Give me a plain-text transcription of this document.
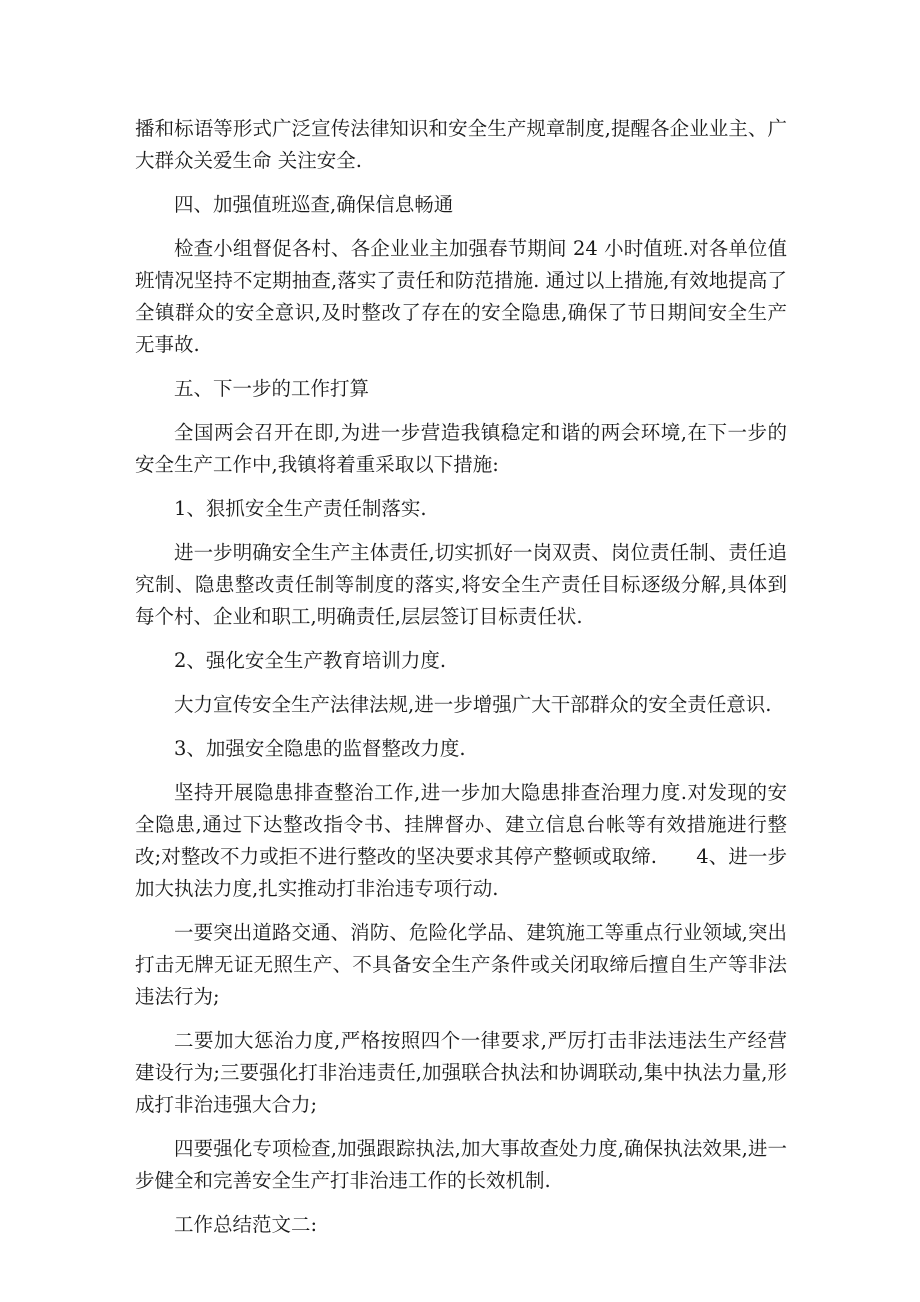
播和标语等形式广泛宣传法律知识和安全生产规章制度,提醒各企业业主、广大群众关爱生命 关注安全.

四、加强值班巡查,确保信息畅通

检查小组督促各村、各企业业主加强春节期间 24 小时值班.对各单位值班情况坚持不定期抽查,落实了责任和防范措施. 通过以上措施,有效地提高了全镇群众的安全意识,及时整改了存在的安全隐患,确保了节日期间安全生产无事故.

五、下一步的工作打算

全国两会召开在即,为进一步营造我镇稳定和谐的两会环境,在下一步的安全生产工作中,我镇将着重采取以下措施:

1、狠抓安全生产责任制落实.

进一步明确安全生产主体责任,切实抓好一岗双责、岗位责任制、责任追究制、隐患整改责任制等制度的落实,将安全生产责任目标逐级分解,具体到每个村、企业和职工,明确责任,层层签订目标责任状.

2、强化安全生产教育培训力度.

大力宣传安全生产法律法规,进一步增强广大干部群众的安全责任意识.

3、加强安全隐患的监督整改力度.

坚持开展隐患排查整治工作,进一步加大隐患排查治理力度.对发现的安全隐患,通过下达整改指令书、挂牌督办、建立信息台帐等有效措施进行整改;对整改不力或拒不进行整改的坚决要求其停产整顿或取缔.　　4、进一步加大执法力度,扎实推动打非治违专项行动.

一要突出道路交通、消防、危险化学品、建筑施工等重点行业领域,突出打击无牌无证无照生产、不具备安全生产条件或关闭取缔后擅自生产等非法违法行为;

二要加大惩治力度,严格按照四个一律要求,严厉打击非法违法生产经营建设行为;三要强化打非治违责任,加强联合执法和协调联动,集中执法力量,形成打非治违强大合力;

四要强化专项检查,加强跟踪执法,加大事故查处力度,确保执法效果,进一步健全和完善安全生产打非治违工作的长效机制.

工作总结范文二:
